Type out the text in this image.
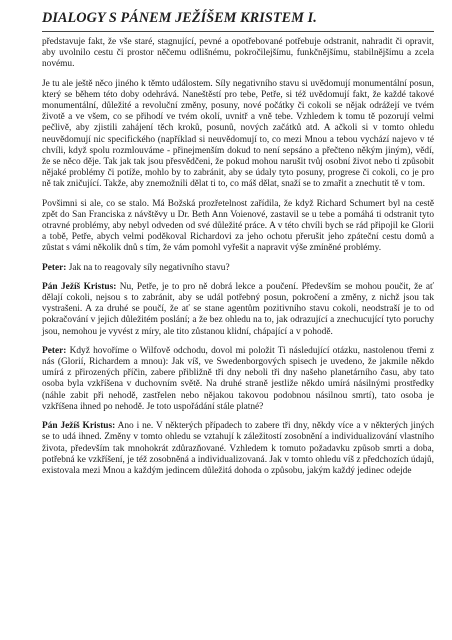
DIALOGY S PÁNEM JEŽÍŠEM KRISTEM I.

představuje fakt, že vše staré, stagnující, pevné a opotřebované potřebuje odstranit, nahradit či opravit, aby uvolnilo cestu či prostor něčemu odlišnému, pokročilejšímu, funkčnějšímu, stabilnějšímu a zcela novému.

Je tu ale ještě něco jiného k těmto událostem. Síly negativního stavu si uvědomují monumentální posun, který se během této doby odehrává. Naneštěstí pro tebe, Petře, si též uvědomují fakt, že každé takové monumentální, důležité a revoluční změny, posuny, nové počátky či cokoli se nějak odrážejí ve tvém životě a ve všem, co se přihodí ve tvém okolí, uvnitř a vně tebe. Vzhledem k tomu tě pozorují velmi pečlivě, aby zjistili zahájení těch kroků, posunů, nových začátků atd. A ačkoli si v tomto ohledu neuvědomují nic specifického (například si neuvědomují to, co mezi Mnou a tebou vychází najevo v té chvíli, když spolu rozmlouváme - přinejmenším dokud to není sepsáno a přečteno někým jiným), vědí, že se něco děje. Tak jak tak jsou přesvědčeni, že pokud mohou narušit tvůj osobní život nebo ti způsobit nějaké problémy či potíže, mohlo by to zabránit, aby se údaly tyto posuny, progrese či cokoli, co je pro ně tak zničující. Takže, aby znemožnili dělat ti to, co máš dělat, snaží se to zmařit a znechutit tě v tom.

Povšimni si ale, co se stalo. Má Božská prozřetelnost zařídila, že když Richard Schumert byl na cestě zpět do San Franciska z návštěvy u Dr. Beth Ann Voienové, zastavil se u tebe a pomáhá ti odstranit tyto otravné problémy, aby nebyl odveden od své důležité práce. A v této chvíli bych se rád připojil ke Glorii a tobě, Petře, abych velmi poděkoval Richardovi za jeho ochotu přerušit jeho zpáteční cestu domů a zůstat s vámi několik dnů s tím, že vám pomohl vyřešit a napravit výše zmíněné problémy.

Peter: Jak na to reagovaly síly negativního stavu?

Pán Ježíš Kristus: Nu, Petře, je to pro ně dobrá lekce a poučení. Především se mohou poučit, že ať dělají cokoli, nejsou s to zabránit, aby se udál potřebný posun, pokročení a změny, z nichž jsou tak vystrašeni. A za druhé se poučí, že ať se stane agentům pozitivního stavu cokoli, neodstraší je to od pokračování v jejich důležitém poslání; a že bez ohledu na to, jak odrazující a znechucující tyto poruchy jsou, nemohou je vyvést z míry, ale tito zůstanou klidní, chápající a v pohodě.

Peter: Když hovoříme o Wilfově odchodu, dovol mi položit Ti následující otázku, nastolenou třemi z nás (Glorií, Richardem a mnou): Jak víš, ve Swedenborgových spisech je uvedeno, že jakmile někdo umírá z přirozených příčin, zabere přibližně tři dny neboli tři dny našeho planetárního času, aby tato osoba byla vzkříšena v duchovním světě. Na druhé straně jestliže někdo umírá násilnými prostředky (náhle zabit při nehodě, zastřelen nebo nějakou takovou podobnou násilnou smrtí), tato osoba je vzkříšena ihned po nehodě. Je toto uspořádání stále platné?

Pán Ježíš Kristus: Ano i ne. V některých případech to zabere tři dny, někdy více a v některých jiných se to udá ihned. Změny v tomto ohledu se vztahují k záležitostí zosobnění a individualizování vlastního života, především tak mnohokrát zdůrazňované. Vzhledem k tomuto požadavku způsob smrti a doba, potřebná ke vzkříšení, je též zosobněná a individualizovaná. Jak v tomto ohledu víš z předchozích údajů, existovala mezi Mnou a každým jedincem důležitá dohoda o způsobu, jakým každý jedinec odejde
